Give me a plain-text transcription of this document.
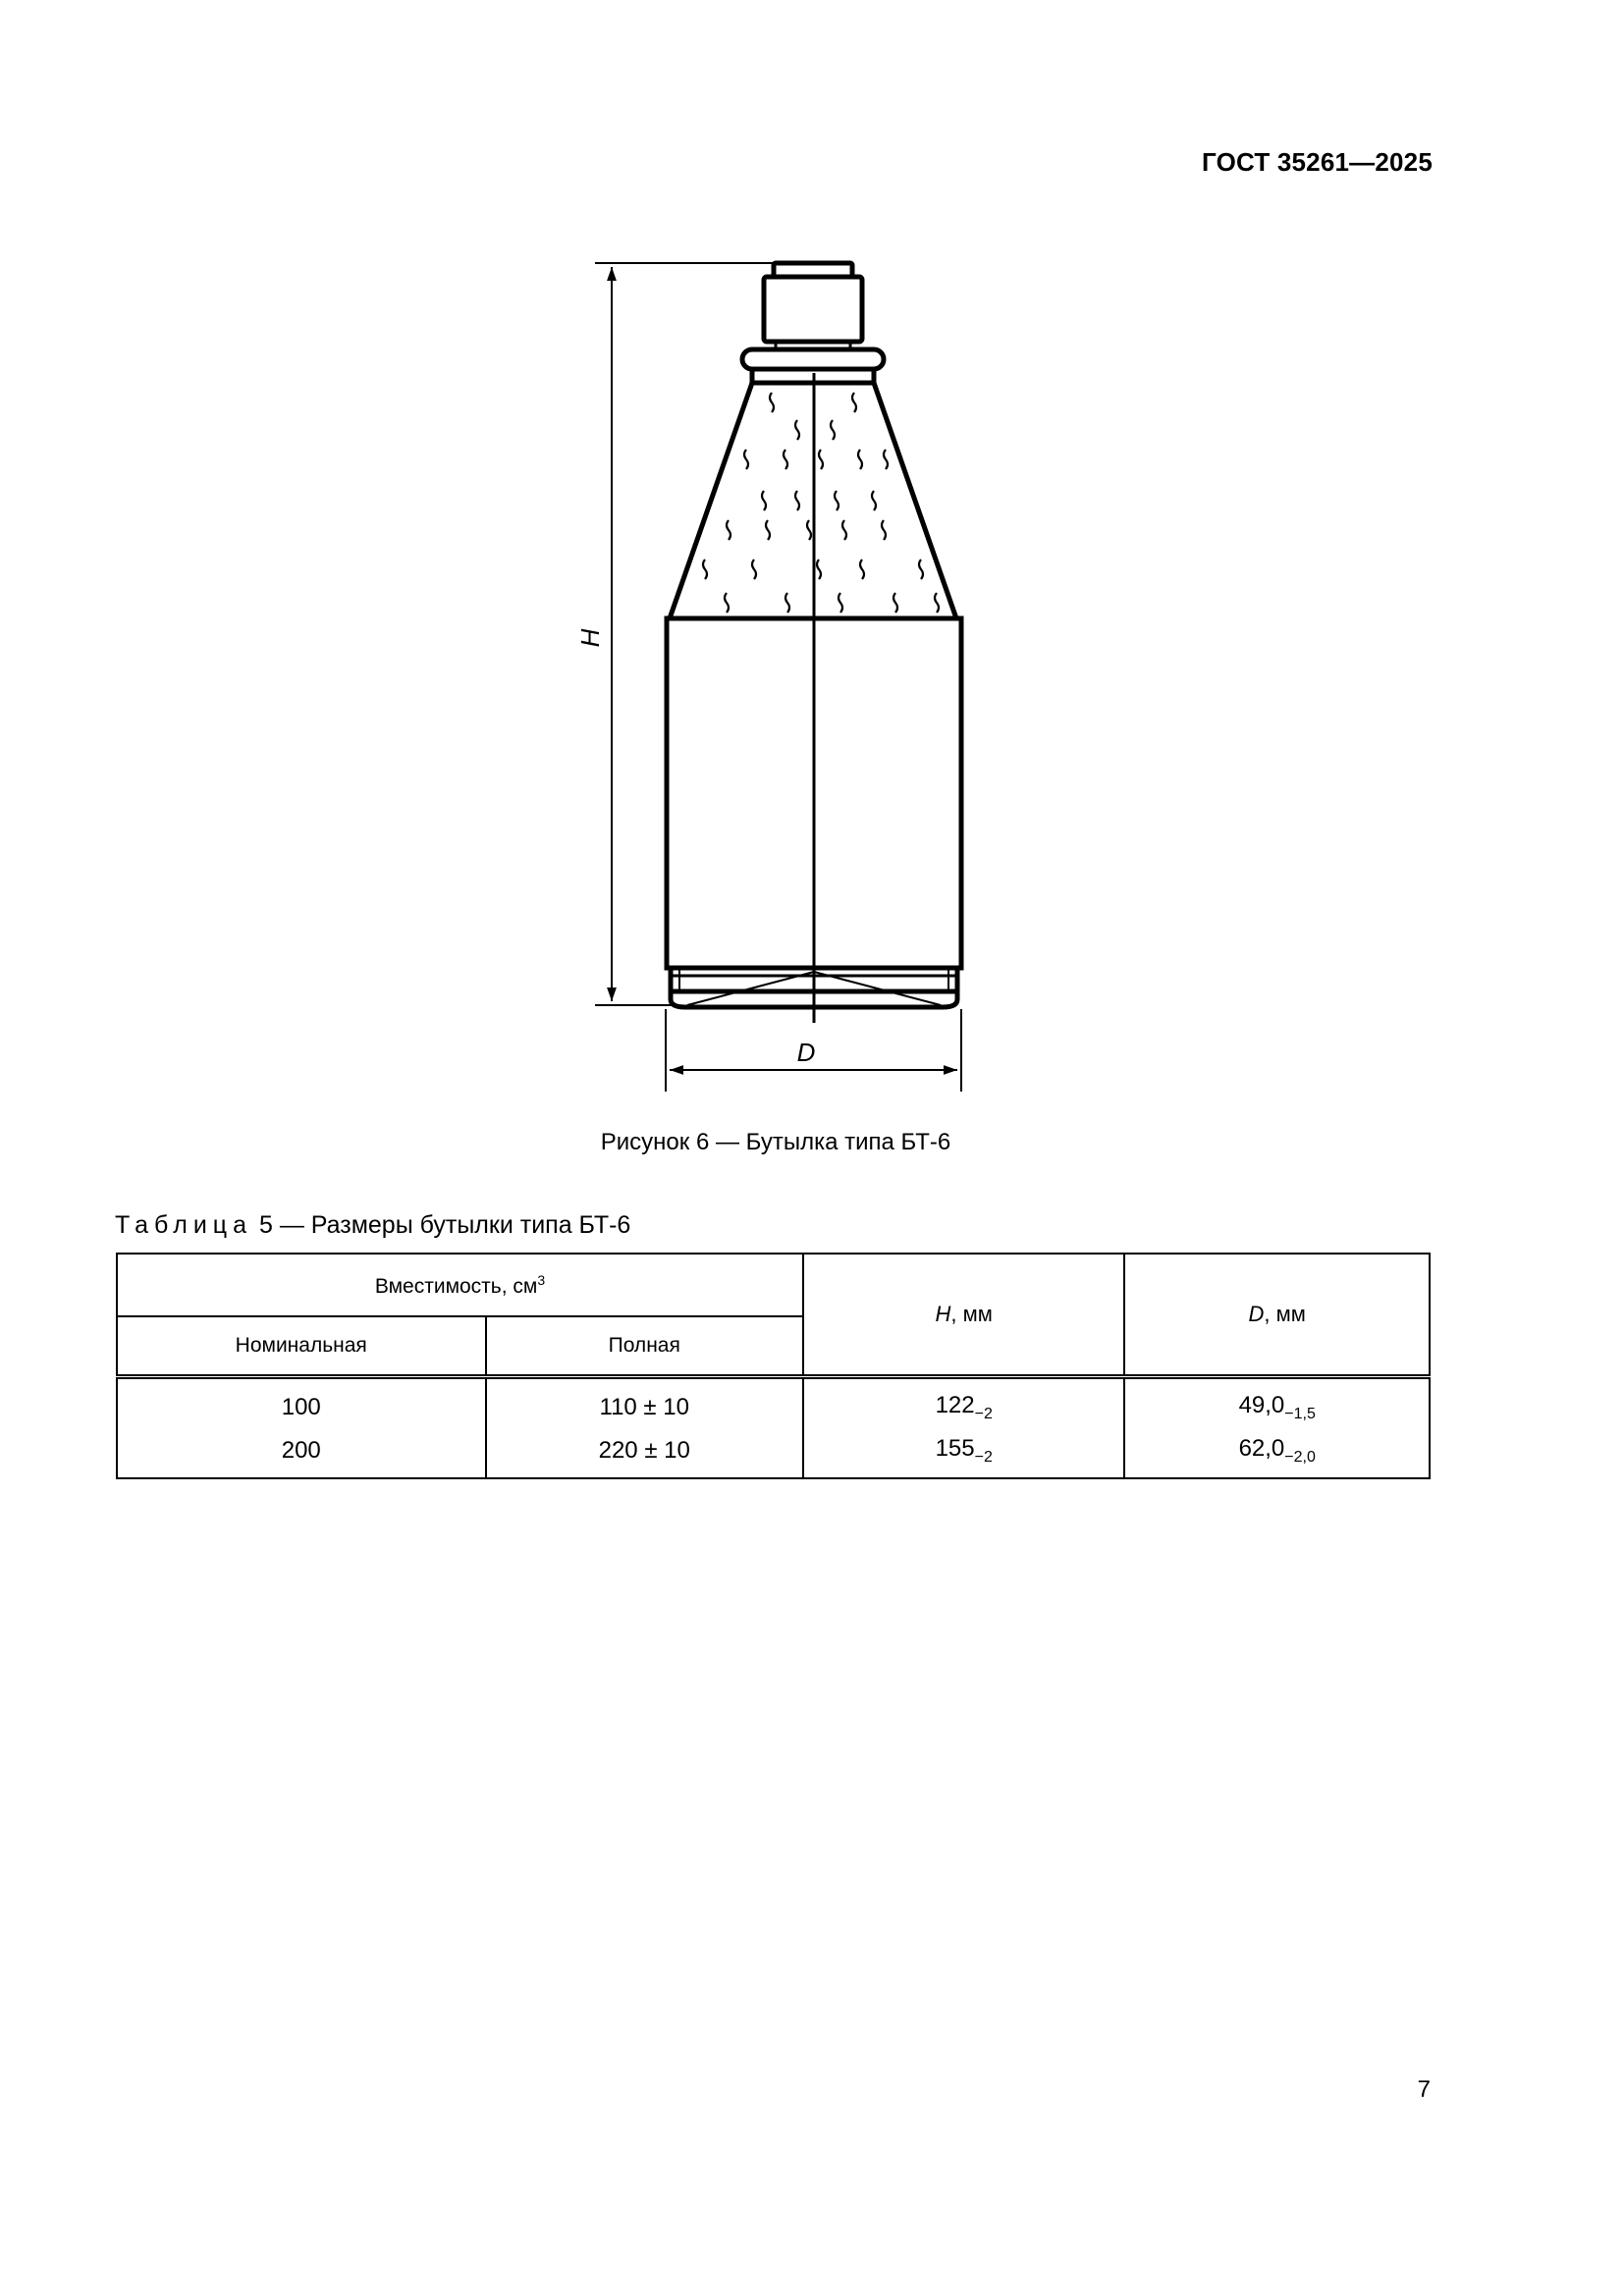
ГОСТ 35261—2025
H
D
Рисунок 6 — Бутылка типа БТ-6
Таблица 5 — Размеры бутылки типа БТ-6
Вместимость, $см^3$		H, мм	D, мм
Номинальная	Полная		
100	110 ± 10	$122_{-2}$	$49,0_{-1,5}$
200	220 ± 10	$155_{-2}$	$62,0_{-2,0}$
7
